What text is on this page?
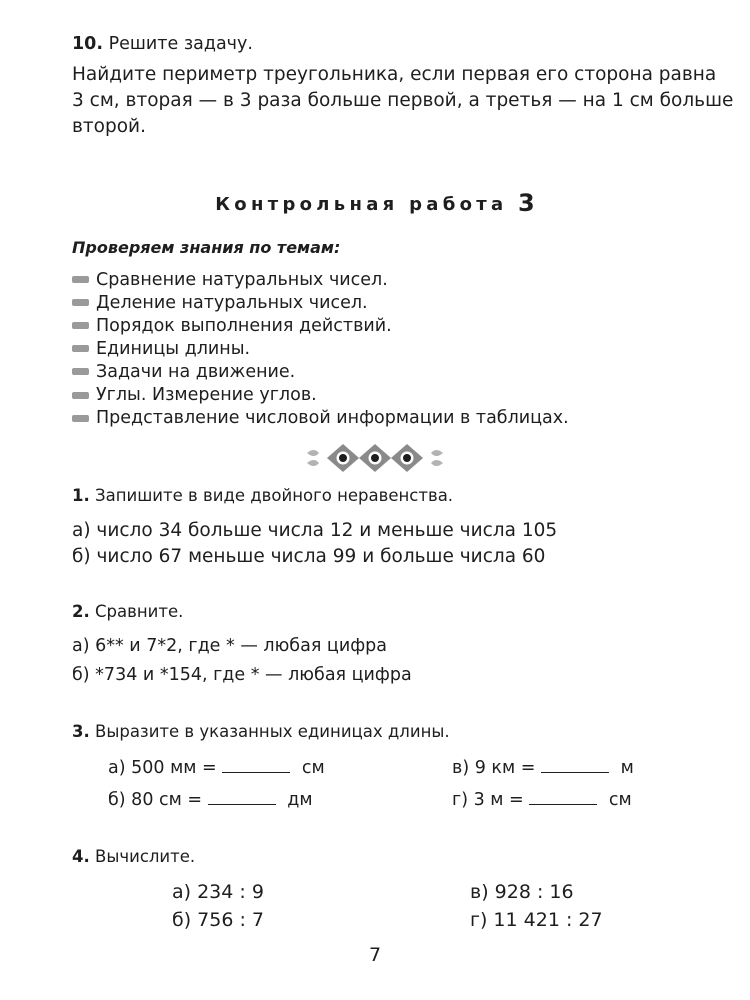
10. Решите задачу.
Найдите периметр треугольника, если первая его сторона равна
3 см, вторая — в 3 раза больше первой, а третья — на 1 см больше
второй.
Контрольная работа 3
Проверяем знания по темам:
Сравнение натуральных чисел.
Деление натуральных чисел.
Порядок выполнения действий.
Единицы длины.
Задачи на движение.
Углы. Измерение углов.
Представление числовой информации в таблицах.
1. Запишите в виде двойного неравенства.
а) число 34 больше числа 12 и меньше числа 105
б) число 67 меньше числа 99 и больше числа 60
2. Сравните.
а) 6** и 7*2, где * — любая цифра
б) *734 и *154, где * — любая цифра
3. Выразите в указанных единицах длины.
а) 500 мм =	см	в) 9 км =	м
б) 80 см =	дм	г) 3 м =	см
4. Вычислите.
а) 234 : 9	в) 928 : 16
б) 756 : 7	г) 11 421 : 27
7
